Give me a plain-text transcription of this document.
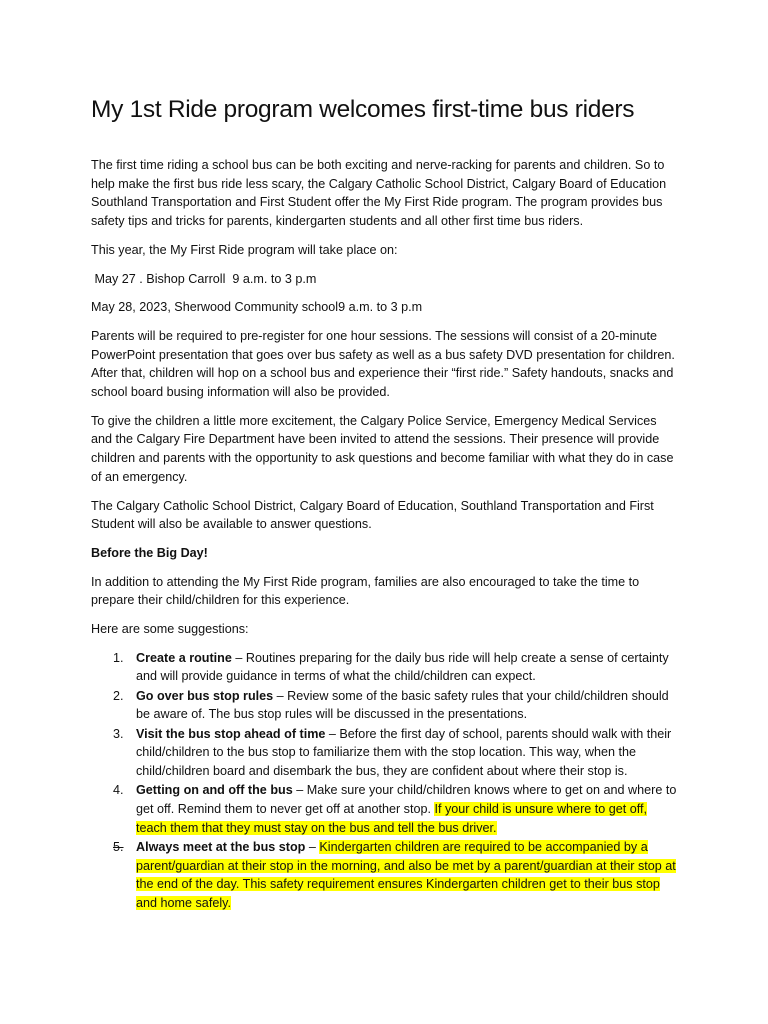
My 1st Ride program welcomes first-time bus riders

The first time riding a school bus can be both exciting and nerve-racking for parents and children. So to help make the first bus ride less scary, the Calgary Catholic School District, Calgary Board of Education Southland Transportation and First Student offer the My First Ride program. The program provides bus safety tips and tricks for parents, kindergarten students and all other first time bus riders.

This year, the My First Ride program will take place on:

May 27 . Bishop Carroll  9 a.m. to 3 p.m

May 28, 2023, Sherwood Community school9 a.m. to 3 p.m

Parents will be required to pre-register for one hour sessions. The sessions will consist of a 20-minute PowerPoint presentation that goes over bus safety as well as a bus safety DVD presentation for children. After that, children will hop on a school bus and experience their “first ride.” Safety handouts, snacks and school board busing information will also be provided.

To give the children a little more excitement, the Calgary Police Service, Emergency Medical Services and the Calgary Fire Department have been invited to attend the sessions. Their presence will provide children and parents with the opportunity to ask questions and become familiar with what they do in case of an emergency.

The Calgary Catholic School District, Calgary Board of Education, Southland Transportation and First Student will also be available to answer questions.

Before the Big Day!

In addition to attending the My First Ride program, families are also encouraged to take the time to prepare their child/children for this experience.

Here are some suggestions:

1. Create a routine – Routines preparing for the daily bus ride will help create a sense of certainty and will provide guidance in terms of what the child/children can expect.
2. Go over bus stop rules – Review some of the basic safety rules that your child/children should be aware of. The bus stop rules will be discussed in the presentations.
3. Visit the bus stop ahead of time – Before the first day of school, parents should walk with their child/children to the bus stop to familiarize them with the stop location. This way, when the child/children board and disembark the bus, they are confident about where their stop is.
4. Getting on and off the bus – Make sure your child/children knows where to get on and where to get off. Remind them to never get off at another stop. If your child is unsure where to get off, teach them that they must stay on the bus and tell the bus driver.
5. Always meet at the bus stop – Kindergarten children are required to be accompanied by a parent/guardian at their stop in the morning, and also be met by a parent/guardian at their stop at the end of the day. This safety requirement ensures Kindergarten children get to their bus stop and home safely.
